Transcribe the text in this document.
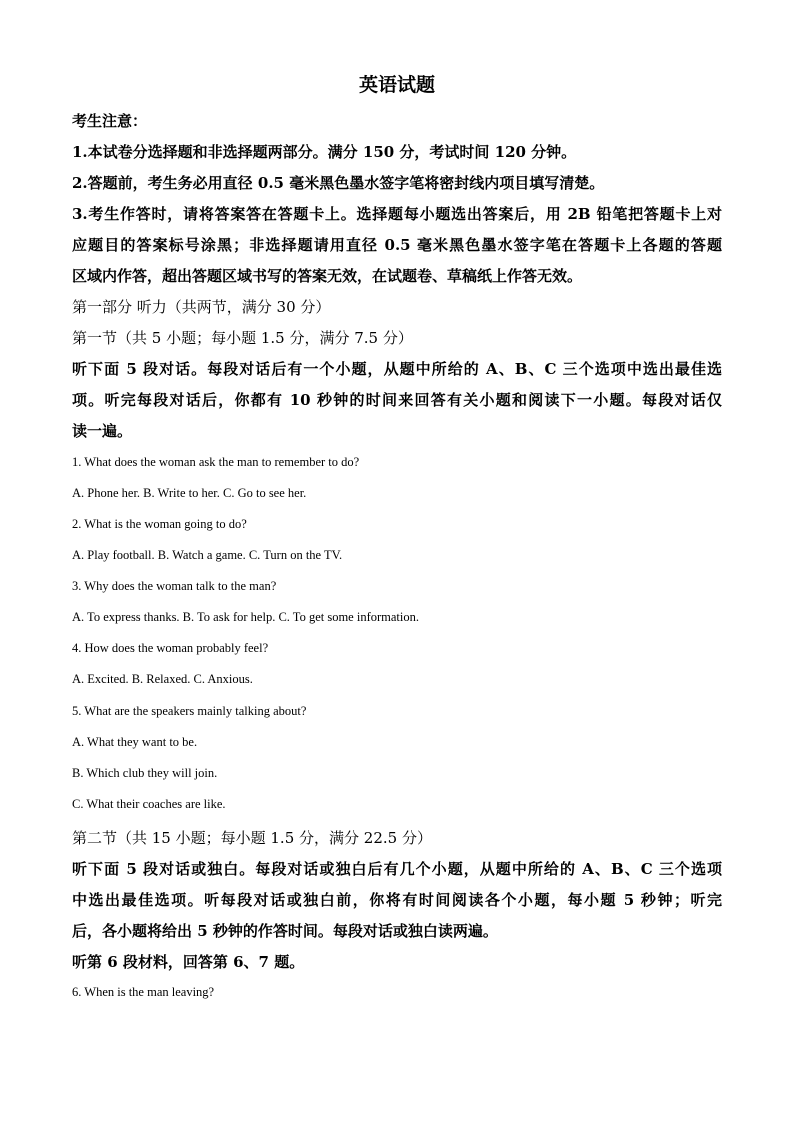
英语试题
考生注意：
1.本试卷分选择题和非选择题两部分。满分 150 分，考试时间 120 分钟。
2.答题前，考生务必用直径 0.5 毫米黑色墨水签字笔将密封线内项目填写清楚。
3.考生作答时，请将答案答在答题卡上。选择题每小题选出答案后，用 2B 铅笔把答题卡上对
应题目的答案标号涂黑；非选择题请用直径 0.5 毫米黑色墨水签字笔在答题卡上各题的答题
区域内作答，超出答题区域书写的答案无效，在试题卷、草稿纸上作答无效。
第一部分 听力（共两节，满分 30 分）
第一节（共 5 小题；每小题 1.5 分，满分 7.5 分）
听下面 5 段对话。每段对话后有一个小题，从题中所给的 A、B、C 三个选项中选出最佳选
项。听完每段对话后，你都有 10 秒钟的时间来回答有关小题和阅读下一小题。每段对话仅
读一遍。
1. What does the woman ask the man to remember to do?
A. Phone her. B. Write to her. C. Go to see her.
2. What is the woman going to do?
A. Play football. B. Watch a game. C. Turn on the TV.
3. Why does the woman talk to the man?
A. To express thanks. B. To ask for help. C. To get some information.
4. How does the woman probably feel?
A. Excited. B. Relaxed. C. Anxious.
5. What are the speakers mainly talking about?
A. What they want to be.
B. Which club they will join.
C. What their coaches are like.
第二节（共 15 小题；每小题 1.5 分，满分 22.5 分）
听下面 5 段对话或独白。每段对话或独白后有几个小题，从题中所给的 A、B、C 三个选项
中选出最佳选项。听每段对话或独白前，你将有时间阅读各个小题，每小题 5 秒钟；听完
后，各小题将给出 5 秒钟的作答时间。每段对话或独白读两遍。
听第 6 段材料，回答第 6、7 题。
6. When is the man leaving?
